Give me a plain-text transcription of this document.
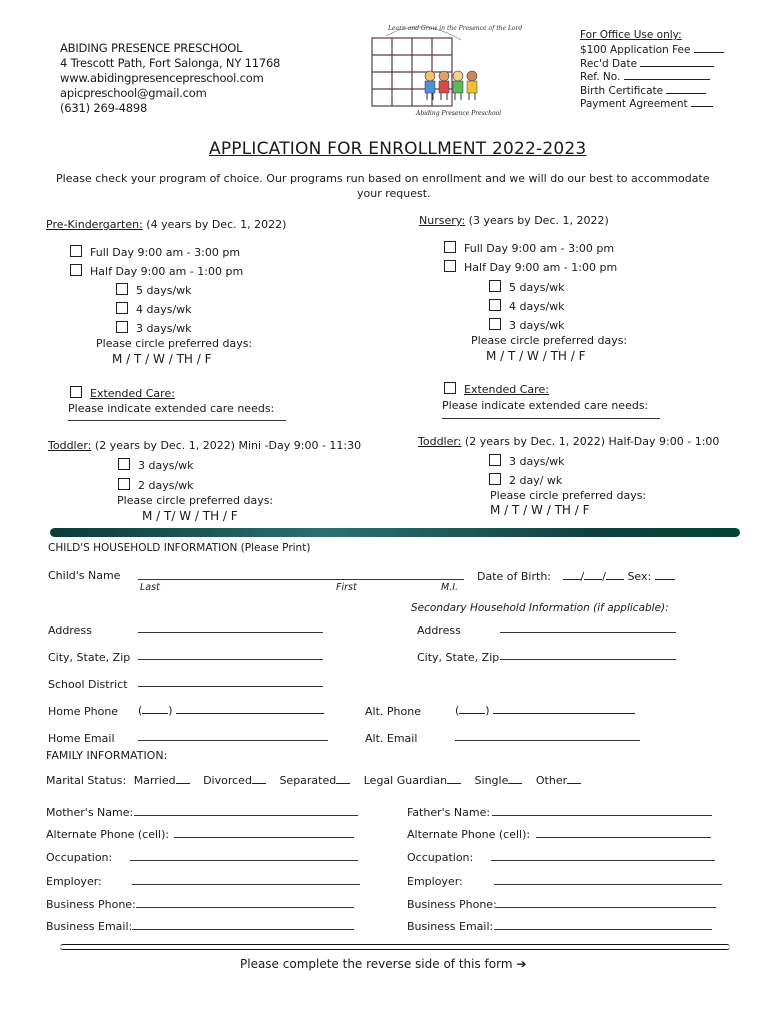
ABIDING PRESENCE PRESCHOOL
4 Trescott Path, Fort Salonga, NY 11768
www.abidingpresencepreschool.com
apicpreschool@gmail.com
(631) 269-4898
Learn and Grow in the Presence of the Lord
Abiding Presence Preschool
For Office Use only:
$100 Application Fee
Rec'd Date
Ref. No.
Birth Certificate
Payment Agreement
APPLICATION FOR ENROLLMENT 2022-2023
Please check your program of choice. Our programs run based on enrollment and we will do our best to accommodate
your request.
Pre-Kindergarten: (4 years by Dec. 1, 2022)
Full Day 9:00 am - 3:00 pm
Half Day 9:00 am - 1:00 pm
5 days/wk
4 days/wk
3 days/wk
Please circle preferred days:
M / T / W / TH / F
Nursery: (3 years by Dec. 1, 2022)
Full Day 9:00 am - 3:00 pm
Half Day 9:00 am - 1:00 pm
5 days/wk
4 days/wk
3 days/wk
Please circle preferred days:
M / T / W / TH / F
Extended Care:
Please indicate extended care needs:
Extended Care:
Please indicate extended care needs:
Toddler: (2 years by Dec. 1, 2022) Mini -Day 9:00 - 11:30
3 days/wk
2 days/wk
Please circle preferred days:
M / T/ W / TH / F
Toddler: (2 years by Dec. 1, 2022) Half-Day 9:00 - 1:00
3 days/wk
2 day/ wk
Please circle preferred days:
M / T / W / TH / F
CHILD'S HOUSEHOLD INFORMATION (Please Print)
Child's Name
Last	First	M.I.
Date of Birth:	/ / Sex:
Secondary Household Information (if applicable):
Address	Address
City, State, Zip	City, State, Zip
School District
Home Phone ( )	Alt. Phone	( )
Home Email	Alt. Email
FAMILY INFORMATION:
Marital Status: Married	Divorced	Separated	Legal Guardian	Single	Other
Mother's Name:	Father's Name:
Alternate Phone (cell):	Alternate Phone (cell):
Occupation:	Occupation:
Employer:	Employer:
Business Phone:	Business Phone:
Business Email:	Business Email:
Please complete the reverse side of this form ➔
